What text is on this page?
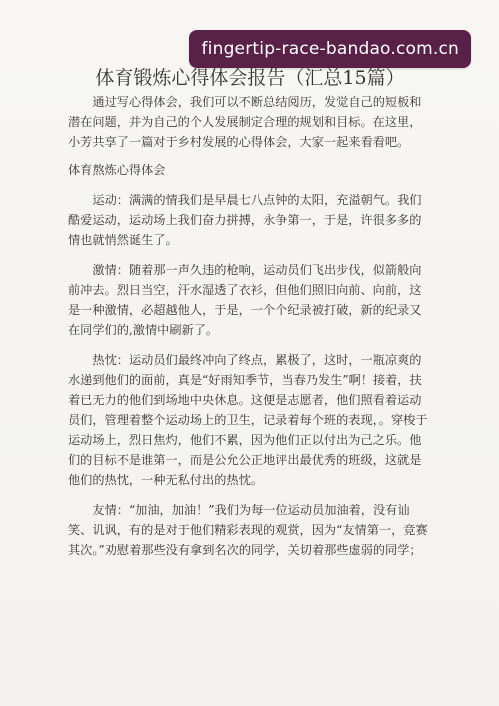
fingertip-race-bandao.com.cn
体育锻炼心得体会报告（汇总15篇）
通过写心得体会，我们可以不断总结阅历，发觉自己的短板和
潜在问题，并为自己的个人发展制定合理的规划和目标。在这里，
小芳共享了一篇对于乡村发展的心得体会，大家一起来看看吧。
体育熬炼心得体会
运动：满满的情我们是早晨七八点钟的太阳，充溢朝气。我们
酷爱运动，运动场上我们奋力拼搏，永争第一，于是，许很多多的
情也就悄然诞生了。
激情：随着那一声久违的枪响，运动员们飞出步伐，似箭般向
前冲去。烈日当空，汗水湿透了衣衫，但他们照旧向前、向前，这
是一种激情，必超越他人，于是，一个个纪录被打破，新的纪录又
在同学们的,激情中刷新了。
热忱：运动员们最终冲向了终点，累极了，这时，一瓶凉爽的
水递到他们的面前，真是“好雨知季节，当春乃发生”啊！接着，扶
着已无力的他们到场地中央休息。这便是志愿者，他们照看着运动
员们，管理着整个运动场上的卫生，记录着每个班的表现，。穿梭于
运动场上，烈日焦灼，他们不累，因为他们正以付出为己之乐。他
们的目标不是谁第一，而是公允公正地评出最优秀的班级，这就是
他们的热忱，一种无私付出的热忱。
友情：“加油，加油！”我们为每一位运动员加油着，没有讪
笑、讥讽，有的是对于他们精彩表现的观赏，因为“友情第一，竞赛
其次。”劝慰着那些没有拿到名次的同学，关切着那些虚弱的同学；
